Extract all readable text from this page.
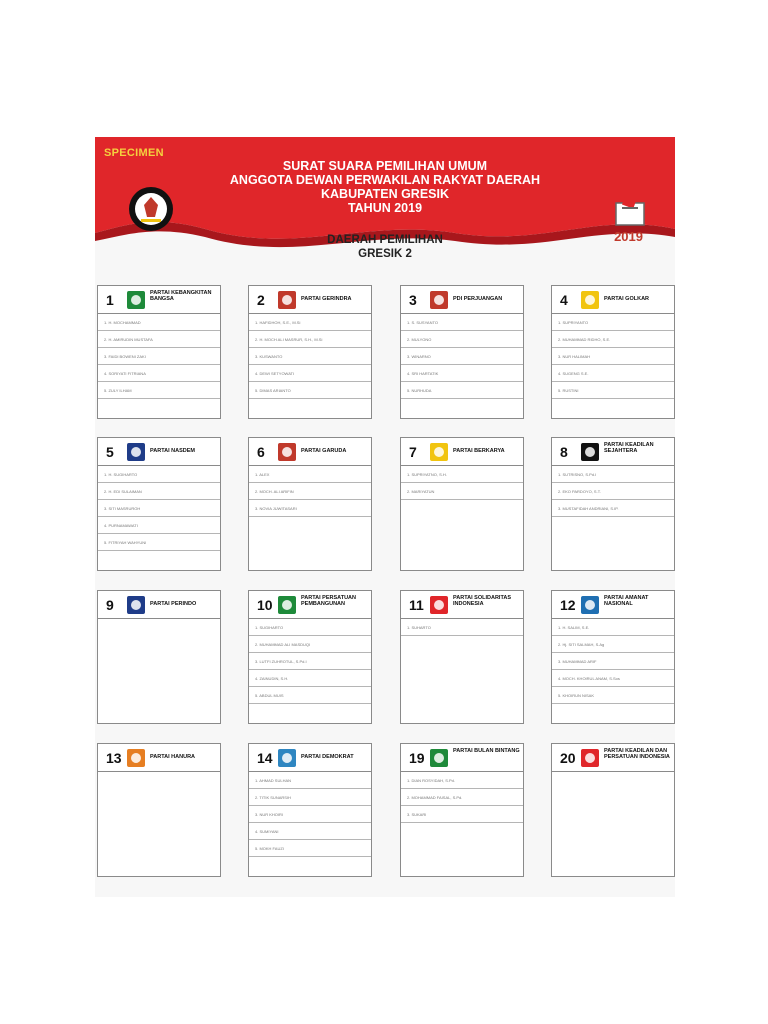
SPECIMEN
SURAT SUARA PEMILIHAN UMUM
ANGGOTA DEWAN PERWAKILAN RAKYAT DAERAH
KABUPATEN GRESIK
TAHUN 2019
2019
DAERAH PEMILIHAN
GRESIK 2
1	PARTAI KEBANGKITAN BANGSA
1. H. MOCHAMMAD
2. H. AMIRUDIN MUSTAFA
3. FAIDI BOWENI ZAKI
4. SORIYATI FITRIANA
5. ZULY ILHAM
2	PARTAI GERINDRA
1. HAFIDHOH, S.E., M.Si
2. H. MOCH ALI MASRUR, S.H., M.Si
3. KUSWANTO
4. DEWI SETYOWATI
5. DIMAS ARIANTO
3	PDI PERJUANGAN
1. S. SUSYANTO
2. MULYONO
3. WINARNO
4. SRI HARTATIK
5. NURHUDA
4	PARTAI GOLKAR
1. SUPRIYANTO
2. MUHAMMAD RIDHO, S.E.
3. NUR HALIMAH
4. SUGENG S.E.
5. RUSTINI
5	PARTAI NASDEM
1. H. SUGIHARTO
2. H. EDI SULAIMAN
3. SITI MASRUROH
4. PURNAMAWATI
5. FITRIYAH WAHYUNI
6	PARTAI GARUDA
1. ALEX
2. MOCH. ALI ARIFIN
3. NOVIA JUWITASARI
7	PARTAI BERKARYA
1. SUPRIYATNO, S.H.
2. MARIYATUN
8	PARTAI KEADILAN SEJAHTERA
1. SUTRISNO, S.Pd.I
2. EKO PARDOYO, S.T.
3. MUSTAFIDAH ANDRIANI, S.IP.
9	PARTAI PERINDO	10	PARTAI PERSATUAN PEMBANGUNAN
1. SUGIHARTO
2. MUHAMMAD ALI MASDUQI
3. LUTFI ZUHROTUL, S.Pd.I
4. ZAINUDIN, S.H.
5. ABDUL MUIS
11	PARTAI SOLIDARITAS INDONESIA
1. SUHARTO
12	PARTAI AMANAT NASIONAL
1. H. SALIM, S.E.
2. Hj. SITI SALMAH, S.Ag
3. MUHAMMAD ARIF
4. MOCH. KHOIRUL ANAM, S.Sos
5. KHOIRUN NISAK
13	PARTAI HANURA	14	PARTAI DEMOKRAT
1. AHMAD SULHAN
2. TITIK SUNARSIH
3. NUR KHOIRI
4. SUMIYANI
5. MOKH FAUZI
19	PARTAI BULAN BINTANG
1. DIAN ROSYIDAH, S.Pd.
2. MOHAMMAD FAISAL, S.Pd.
3. SUKARI
20	PARTAI KEADILAN DAN PERSATUAN INDONESIA
